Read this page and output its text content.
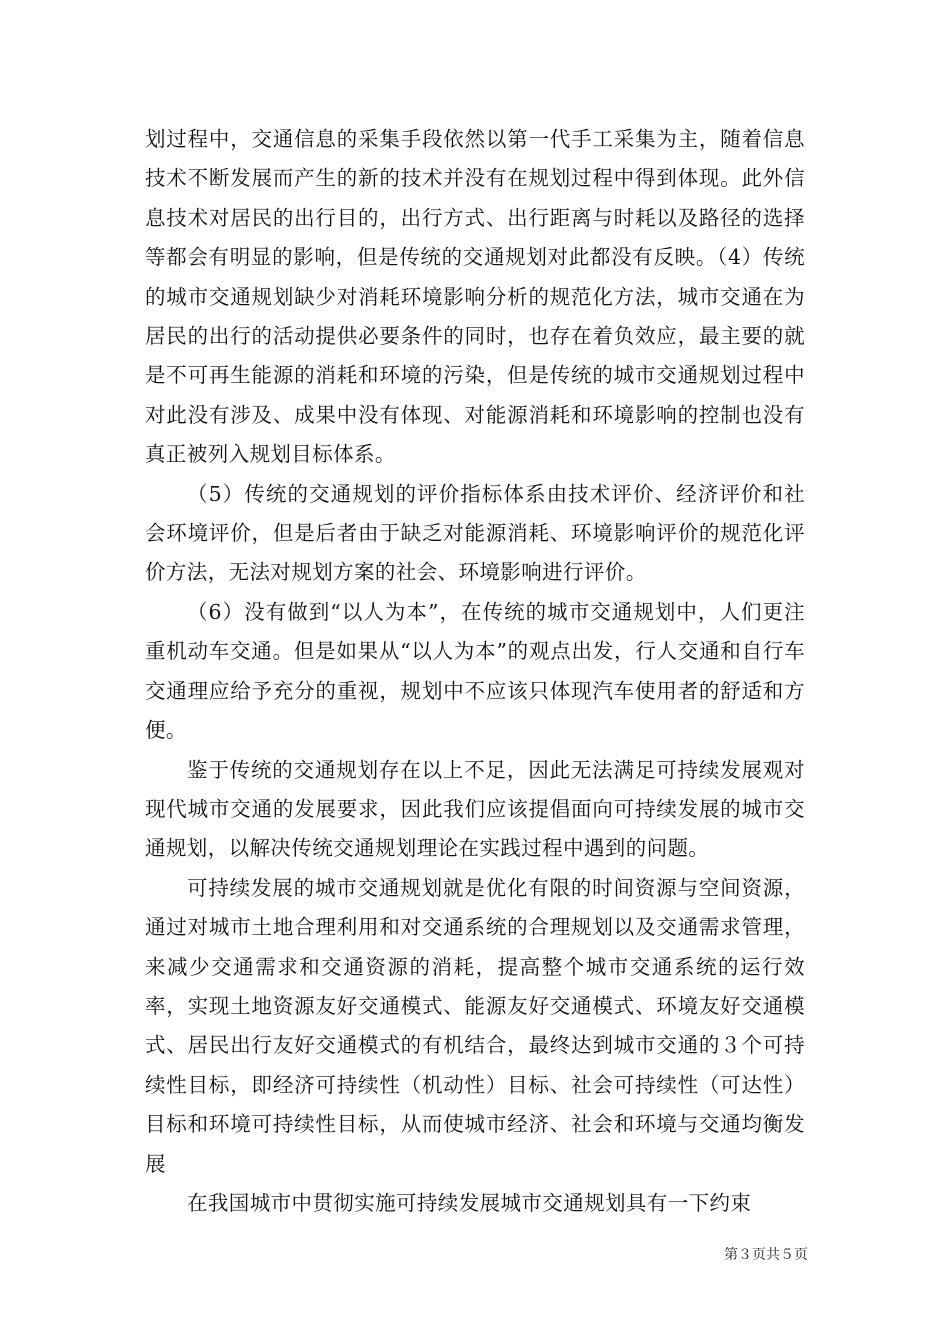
划过程中，交通信息的采集手段依然以第一代手工采集为主，随着信息技术不断发展而产生的新的技术并没有在规划过程中得到体现。此外信息技术对居民的出行目的，出行方式、出行距离与时耗以及路径的选择等都会有明显的影响，但是传统的交通规划对此都没有反映。（4）传统的城市交通规划缺少对消耗环境影响分析的规范化方法，城市交通在为居民的出行的活动提供必要条件的同时，也存在着负效应，最主要的就是不可再生能源的消耗和环境的污染，但是传统的城市交通规划过程中对此没有涉及、成果中没有体现、对能源消耗和环境影响的控制也没有真正被列入规划目标体系。

（5）传统的交通规划的评价指标体系由技术评价、经济评价和社会环境评价，但是后者由于缺乏对能源消耗、环境影响评价的规范化评价方法，无法对规划方案的社会、环境影响进行评价。

（6）没有做到“以人为本”，在传统的城市交通规划中，人们更注重机动车交通。但是如果从“以人为本”的观点出发，行人交通和自行车交通理应给予充分的重视，规划中不应该只体现汽车使用者的舒适和方便。

鉴于传统的交通规划存在以上不足，因此无法满足可持续发展观对现代城市交通的发展要求，因此我们应该提倡面向可持续发展的城市交通规划，以解决传统交通规划理论在实践过程中遇到的问题。

可持续发展的城市交通规划就是优化有限的时间资源与空间资源，通过对城市土地合理利用和对交通系统的合理规划以及交通需求管理，来减少交通需求和交通资源的消耗，提高整个城市交通系统的运行效率，实现土地资源友好交通模式、能源友好交通模式、环境友好交通模式、居民出行友好交通模式的有机结合，最终达到城市交通的３个可持续性目标，即经济可持续性（机动性）目标、社会可持续性（可达性）目标和环境可持续性目标，从而使城市经济、社会和环境与交通均衡发展

在我国城市中贯彻实施可持续发展城市交通规划具有一下约束

第３页共５页
